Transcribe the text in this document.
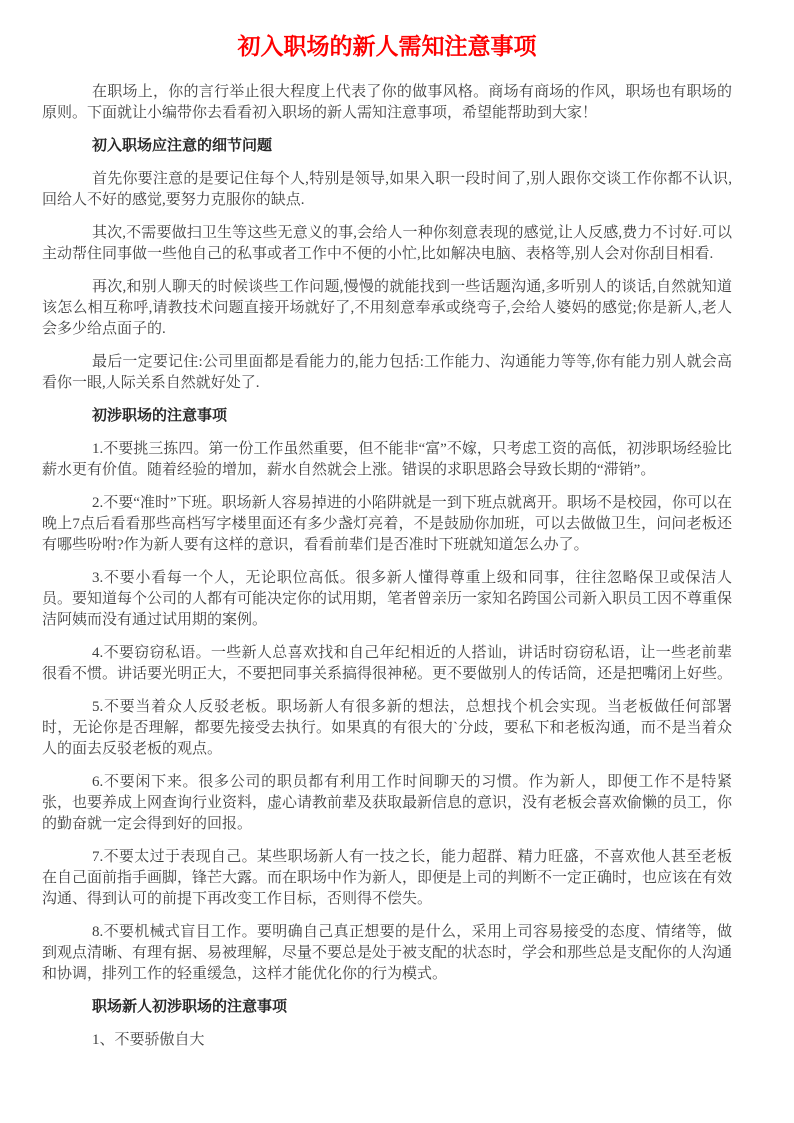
初入职场的新人需知注意事项

在职场上，你的言行举止很大程度上代表了你的做事风格。商场有商场的作风，职场也有职场的原则。下面就让小编带你去看看初入职场的新人需知注意事项，希望能帮助到大家！

初入职场应注意的细节问题

首先你要注意的是要记住每个人,特别是领导,如果入职一段时间了,别人跟你交谈工作你都不认识,回给人不好的感觉,要努力克服你的缺点.

其次,不需要做扫卫生等这些无意义的事,会给人一种你刻意表现的感觉,让人反感,费力不讨好.可以主动帮住同事做一些他自己的私事或者工作中不便的小忙,比如解决电脑、表格等,别人会对你刮目相看.

再次,和别人聊天的时候谈些工作问题,慢慢的就能找到一些话题沟通,多听别人的谈话,自然就知道该怎么相互称呼,请教技术问题直接开场就好了,不用刻意奉承或绕弯子,会给人婆妈的感觉;你是新人,老人会多少给点面子的.

最后一定要记住:公司里面都是看能力的,能力包括:工作能力、沟通能力等等,你有能力别人就会高看你一眼,人际关系自然就好处了.

初涉职场的注意事项

1.不要挑三拣四。第一份工作虽然重要，但不能非“富”不嫁，只考虑工资的高低，初涉职场经验比薪水更有价值。随着经验的增加，薪水自然就会上涨。错误的求职思路会导致长期的“滞销”。

2.不要“准时”下班。职场新人容易掉进的小陷阱就是一到下班点就离开。职场不是校园，你可以在晚上7点后看看那些高档写字楼里面还有多少盏灯亮着，不是鼓励你加班，可以去做做卫生，问问老板还有哪些吩咐?作为新人要有这样的意识，看看前辈们是否准时下班就知道怎么办了。

3.不要小看每一个人，无论职位高低。很多新人懂得尊重上级和同事，往往忽略保卫或保洁人员。要知道每个公司的人都有可能决定你的试用期，笔者曾亲历一家知名跨国公司新入职员工因不尊重保洁阿姨而没有通过试用期的案例。

4.不要窃窃私语。一些新人总喜欢找和自己年纪相近的人搭讪，讲话时窃窃私语，让一些老前辈很看不惯。讲话要光明正大，不要把同事关系搞得很神秘。更不要做别人的传话筒，还是把嘴闭上好些。

5.不要当着众人反驳老板。职场新人有很多新的想法，总想找个机会实现。当老板做任何部署时，无论你是否理解，都要先接受去执行。如果真的有很大的`分歧，要私下和老板沟通，而不是当着众人的面去反驳老板的观点。

6.不要闲下来。很多公司的职员都有利用工作时间聊天的习惯。作为新人，即便工作不是特紧张，也要养成上网查询行业资料，虚心请教前辈及获取最新信息的意识，没有老板会喜欢偷懒的员工，你的勤奋就一定会得到好的回报。

7.不要太过于表现自己。某些职场新人有一技之长，能力超群、精力旺盛，不喜欢他人甚至老板在自己面前指手画脚，锋芒大露。而在职场中作为新人，即便是上司的判断不一定正确时，也应该在有效沟通、得到认可的前提下再改变工作目标，否则得不偿失。

8.不要机械式盲目工作。要明确自己真正想要的是什么，采用上司容易接受的态度、情绪等，做到观点清晰、有理有据、易被理解，尽量不要总是处于被支配的状态时，学会和那些总是支配你的人沟通和协调，排列工作的轻重缓急，这样才能优化你的行为模式。

职场新人初涉职场的注意事项

1、不要骄傲自大
